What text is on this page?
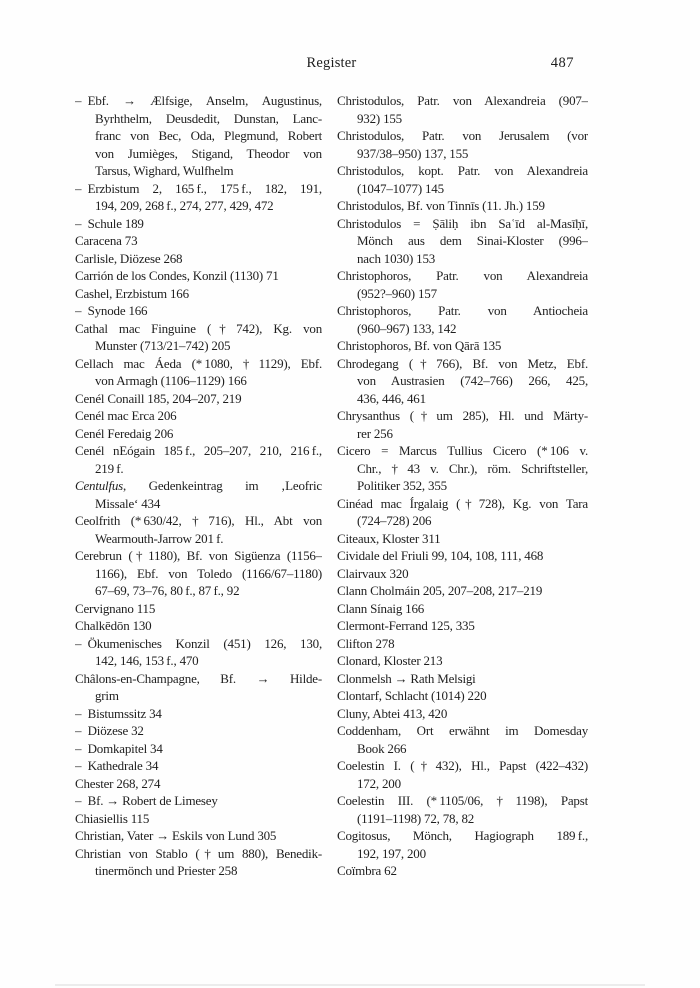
Register	487
– Ebf. → Ælfsige, Anselm, Augustinus,
Byrhthelm, Deusdedit, Dunstan, Lanc-
franc von Bec, Oda, Plegmund, Robert
von Jumièges, Stigand, Theodor von
Tarsus, Wighard, Wulfhelm
– Erzbistum 2, 165 f., 175 f., 182, 191,
194, 209, 268 f., 274, 277, 429, 472
– Schule 189
Caracena 73
Carlisle, Diözese 268
Carrión de los Condes, Konzil (1130) 71
Cashel, Erzbistum 166
– Synode 166
Cathal mac Finguine († 742), Kg. von
Munster (713/21–742) 205
Cellach mac Áeda (* 1080, † 1129), Ebf.
von Armagh (1106–1129) 166
Cenél Conaill 185, 204–207, 219
Cenél mac Erca 206
Cenél Feredaig 206
Cenél nEógain 185 f., 205–207, 210, 216 f.,
219 f.
Centulfus, Gedenkeintrag im ‚Leofric
Missale‘ 434
Ceolfrith (* 630/42, † 716), Hl., Abt von
Wearmouth-Jarrow 201 f.
Cerebrun († 1180), Bf. von Sigüenza (1156–
1166), Ebf. von Toledo (1166/67–1180)
67–69, 73–76, 80 f., 87 f., 92
Cervignano 115
Chalkēdōn 130
– Ökumenisches Konzil (451) 126, 130,
142, 146, 153 f., 470
Châlons-en-Champagne, Bf. → Hilde-
grim
– Bistumssitz 34
– Diözese 32
– Domkapitel 34
– Kathedrale 34
Chester 268, 274
– Bf. → Robert de Limesey
Chiasiellis 115
Christian, Vater → Eskils von Lund 305
Christian von Stablo († um 880), Benedik-
tinermönch und Priester 258
Christodulos, Patr. von Alexandreia (907–
932) 155
Christodulos, Patr. von Jerusalem (vor
937/38–950) 137, 155
Christodulos, kopt. Patr. von Alexandreia
(1047–1077) 145
Christodulos, Bf. von Tinnīs (11. Jh.) 159
Christodulos = Ṣāliḥ ibn Saʿīd al-Masīḥī,
Mönch aus dem Sinai-Kloster (996–
nach 1030) 153
Christophoros, Patr. von Alexandreia
(952?–960) 157
Christophoros, Patr. von Antiocheia
(960–967) 133, 142
Christophoros, Bf. von Qārā 135
Chrodegang († 766), Bf. von Metz, Ebf.
von Austrasien (742–766) 266, 425,
436, 446, 461
Chrysanthus († um 285), Hl. und Märty-
rer 256
Cicero = Marcus Tullius Cicero (* 106 v.
Chr., † 43 v. Chr.), röm. Schriftsteller,
Politiker 352, 355
Cinéad mac Írgalaig († 728), Kg. von Tara
(724–728) 206
Citeaux, Kloster 311
Cividale del Friuli 99, 104, 108, 111, 468
Clairvaux 320
Clann Cholmáin 205, 207–208, 217–219
Clann Sínaig 166
Clermont-Ferrand 125, 335
Clifton 278
Clonard, Kloster 213
Clonmelsh → Rath Melsigi
Clontarf, Schlacht (1014) 220
Cluny, Abtei 413, 420
Coddenham, Ort erwähnt im Domesday
Book 266
Coelestin I. († 432), Hl., Papst (422–432)
172, 200
Coelestin III. (* 1105/06, † 1198), Papst
(1191–1198) 72, 78, 82
Cogitosus, Mönch, Hagiograph 189 f.,
192, 197, 200
Coïmbra 62
